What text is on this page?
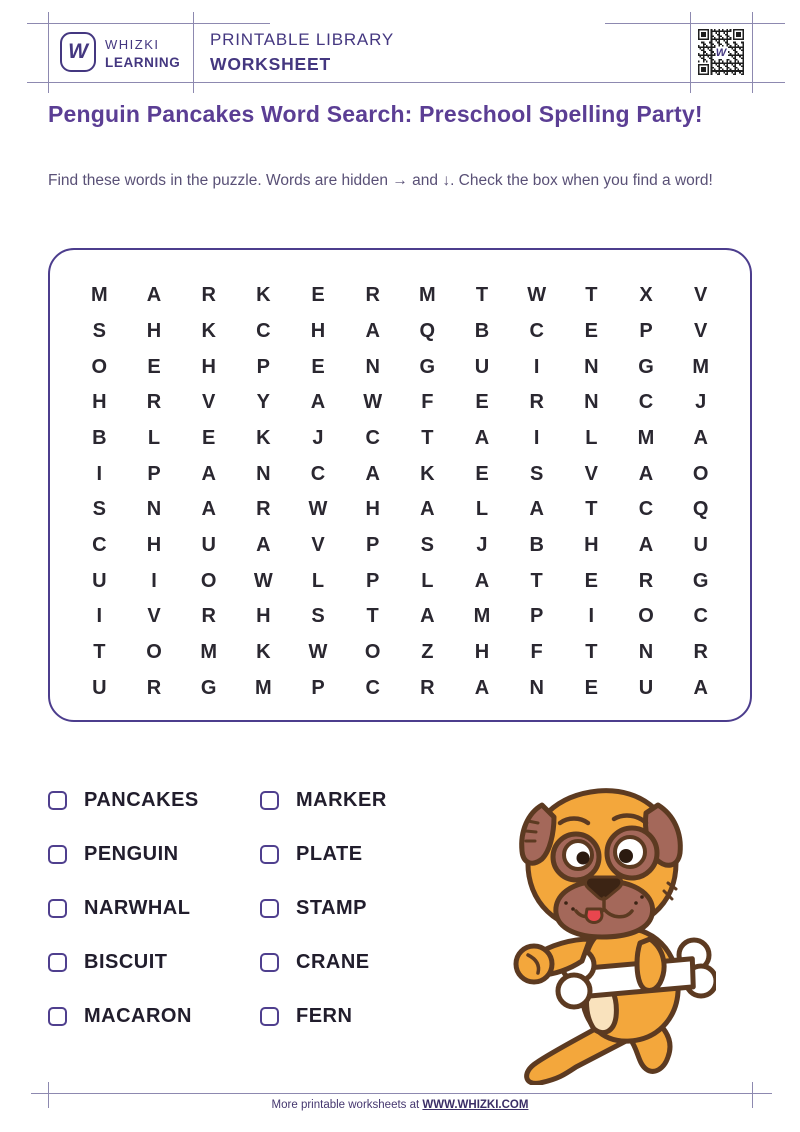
W WHIZKI
LEARNING
PRINTABLE LIBRARY
WORKSHEET
W
Penguin Pancakes Word Search: Preschool Spelling Party!
Find these words in the puzzle. Words are hidden → and ↓. Check the box when you find a word!
M	A	R	K	E	R	M	T	W	T	X	V
S	H	K	C	H	A	Q	B	C	E	P	V
O	E	H	P	E	N	G	U	I	N	G	M
H	R	V	Y	A	W	F	E	R	N	C	J
B	L	E	K	J	C	T	A	I	L	M	A
I	P	A	N	C	A	K	E	S	V	A	O
S	N	A	R	W	H	A	L	A	T	C	Q
C	H	U	A	V	P	S	J	B	H	A	U
U	I	O	W	L	P	L	A	T	E	R	G
I	V	R	H	S	T	A	M	P	I	O	C
T	O	M	K	W	O	Z	H	F	T	N	R
U	R	G	M	P	C	R	A	N	E	U	A
PANCAKES
PENGUIN
NARWHAL
BISCUIT
MACARON
MARKER
PLATE
STAMP
CRANE
FERN
More printable worksheets at WWW.WHIZKI.COM
